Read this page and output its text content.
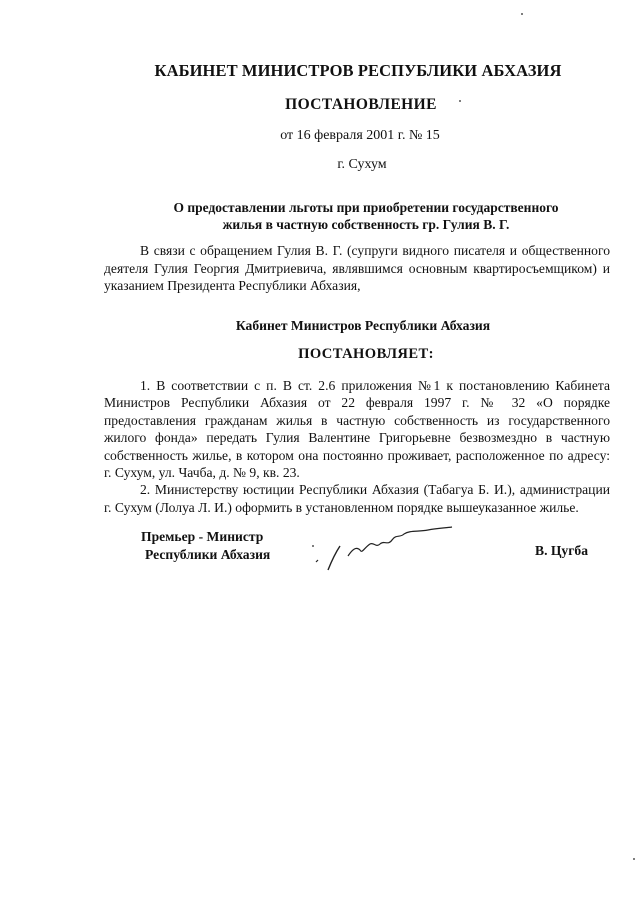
КАБИНЕТ МИНИСТРОВ РЕСПУБЛИКИ АБХАЗИЯ
ПОСТАНОВЛЕНИЕ
от 16 февраля 2001 г. № 15
г. Сухум
О предоставлении льготы при приобретении государственного
жилья в частную собственность гр. Гулия В. Г.

В связи с обращением Гулия В. Г. (супруги видного писателя и общественного деятеля Гулия Георгия Дмитриевича, являвшимся основным квартиросъемщиком) и указанием Президента Республики Абхазия,

Кабинет Министров Республики Абхазия
ПОСТАНОВЛЯЕТ:

1. В соответствии с п. В ст. 2.6 приложения №1 к постановлению Кабинета Министров Республики Абхазия от 22 февраля 1997 г. № 32 «О порядке предоставления гражданам жилья в частную собственность из государственного жилого фонда» передать Гулия Валентине Григорьевне безвозмездно в частную собственность жилье, в котором она постоянно проживает, расположенное по адресу: г. Сухум, ул. Чачба, д. № 9, кв. 23.

2. Министерству юстиции Республики Абхазия (Табагуа Б. И.), администрации г. Сухум (Лолуа Л. И.) оформить в установленном порядке вышеуказанное жилье.

Премьер - Министр
Республики Абхазия	В. Цугба
